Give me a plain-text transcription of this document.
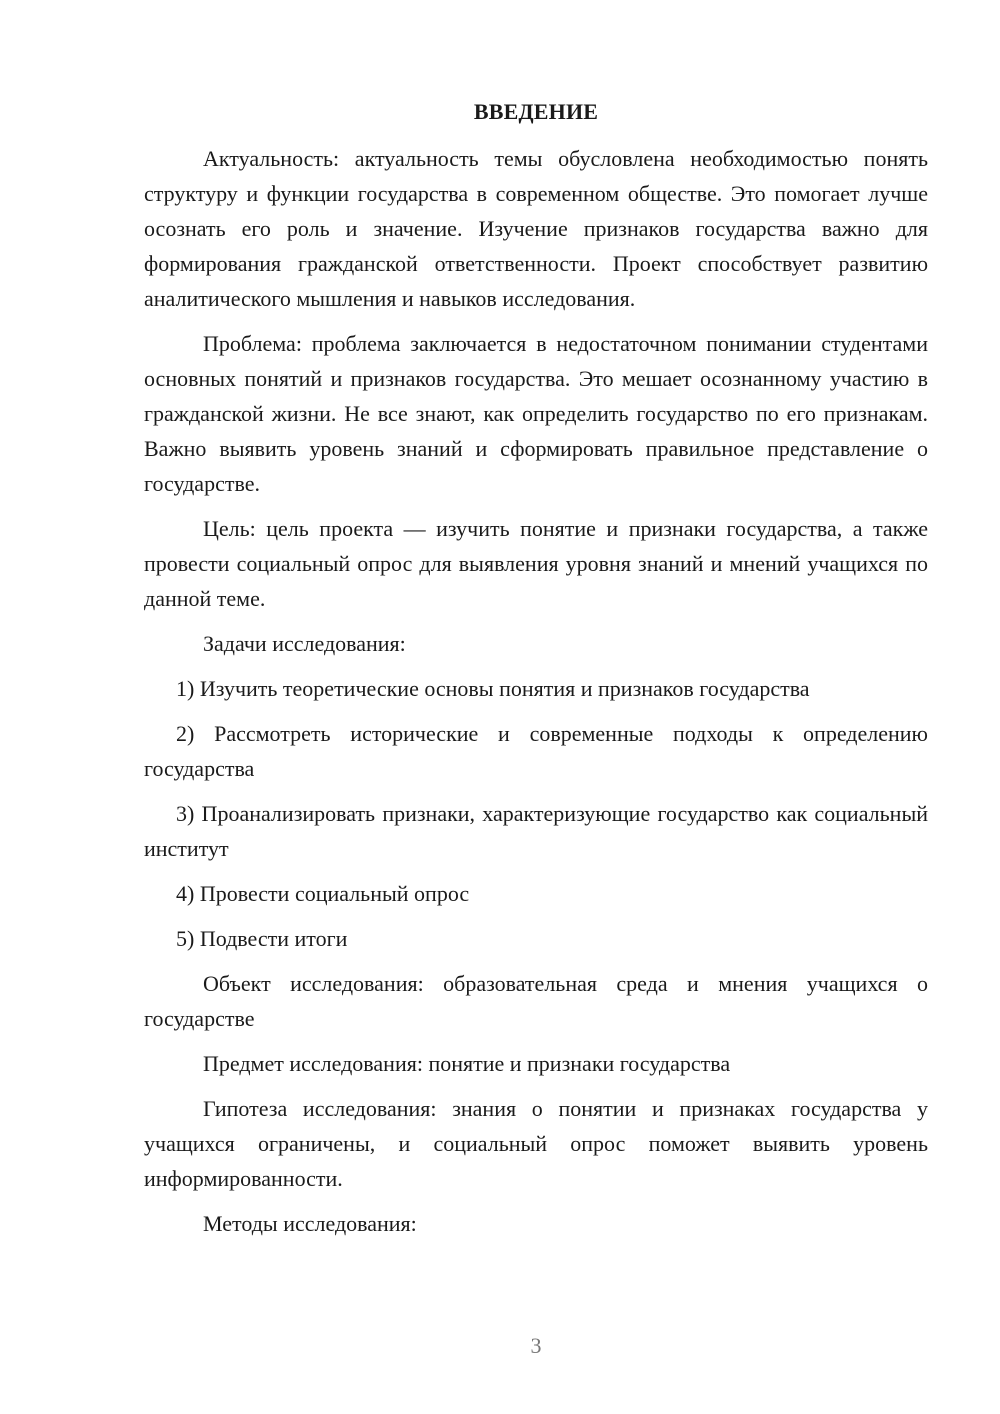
ВВЕДЕНИЕ

Актуальность: актуальность темы обусловлена необходимостью понять структуру и функции государства в современном обществе. Это помогает лучше осознать его роль и значение. Изучение признаков государства важно для формирования гражданской ответственности. Проект способствует развитию аналитического мышления и навыков исследования.

Проблема: проблема заключается в недостаточном понимании студентами основных понятий и признаков государства. Это мешает осознанному участию в гражданской жизни. Не все знают, как определить государство по его признакам. Важно выявить уровень знаний и сформировать правильное представление о государстве.

Цель: цель проекта — изучить понятие и признаки государства, а также провести социальный опрос для выявления уровня знаний и мнений учащихся по данной теме.

Задачи исследования:

1) Изучить теоретические основы понятия и признаков государства

2) Рассмотреть исторические и современные подходы к определению государства

3) Проанализировать признаки, характеризующие государство как социальный институт

4) Провести социальный опрос

5) Подвести итоги

Объект исследования: образовательная среда и мнения учащихся о государстве

Предмет исследования: понятие и признаки государства

Гипотеза исследования: знания о понятии и признаках государства у учащихся ограничены, и социальный опрос поможет выявить уровень информированности.

Методы исследования:

3
